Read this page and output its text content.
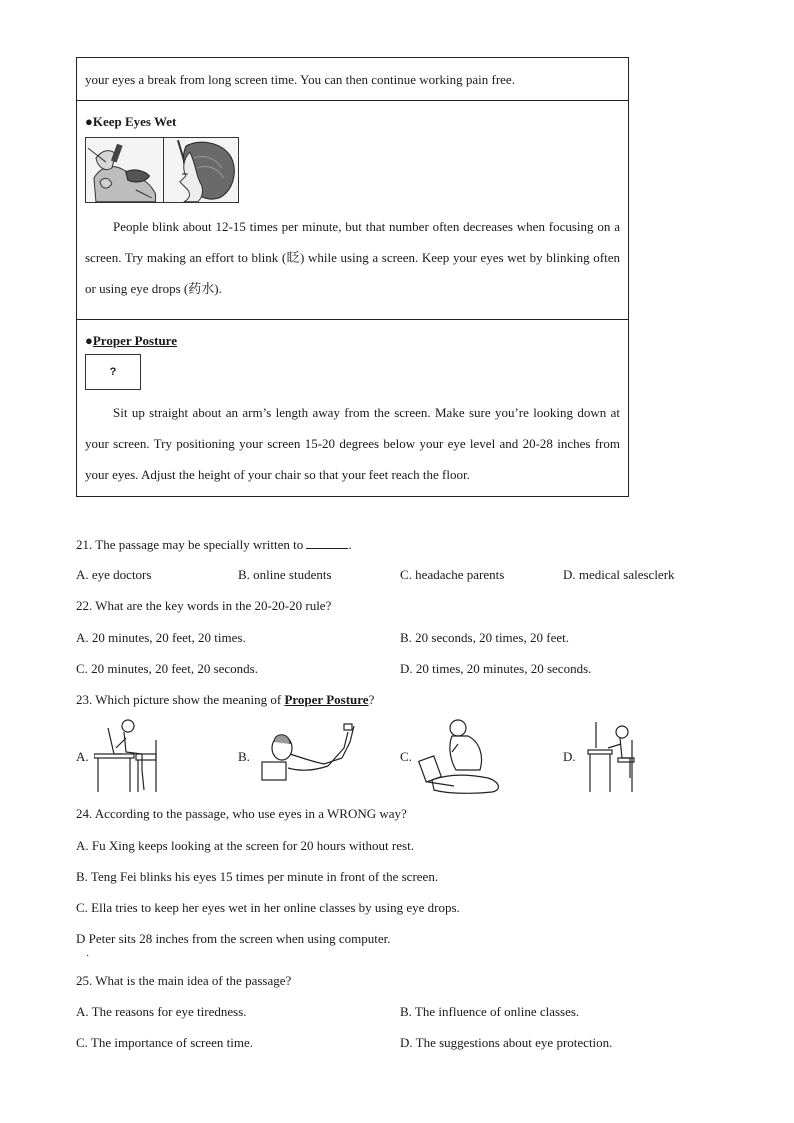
your eyes a break from long screen time. You can then continue working pain free.

●Keep Eyes Wet

People blink about 12-15 times per minute, but that number often decreases when focusing on a screen. Try making an effort to blink (眨) while using a screen. Keep your eyes wet by blinking often or using eye drops (药水).

●Proper Posture

?

Sit up straight about an arm’s length away from the screen. Make sure you’re looking down at your screen. Try positioning your screen 15-20 degrees below your eye level and 20-28 inches from your eyes. Adjust the height of your chair so that your feet reach the floor.

21. The passage may be specially written to	.

A. eye doctors	B. online students	C. headache parents	D. medical salesclerk

22. What are the key words in the 20-20-20 rule?

A. 20 minutes, 20 feet, 20 times.	B. 20 seconds, 20 times, 20 feet.

C. 20 minutes, 20 feet, 20 seconds.	D. 20 times, 20 minutes, 20 seconds.

23. Which picture show the meaning of Proper Posture?

A.	B.	C.	D.

24. According to the passage, who use eyes in a WRONG way?

A. Fu Xing keeps looking at the screen for 20 hours without rest.

B. Teng Fei blinks his eyes 15 times per minute in front of the screen.

C. Ella tries to keep her eyes wet in her online classes by using eye drops.

D Peter sits 28 inches from the screen when using computer.

·

25. What is the main idea of the passage?

A. The reasons for eye tiredness.	B. The influence of online classes.

C. The importance of screen time.	D. The suggestions about eye protection.
